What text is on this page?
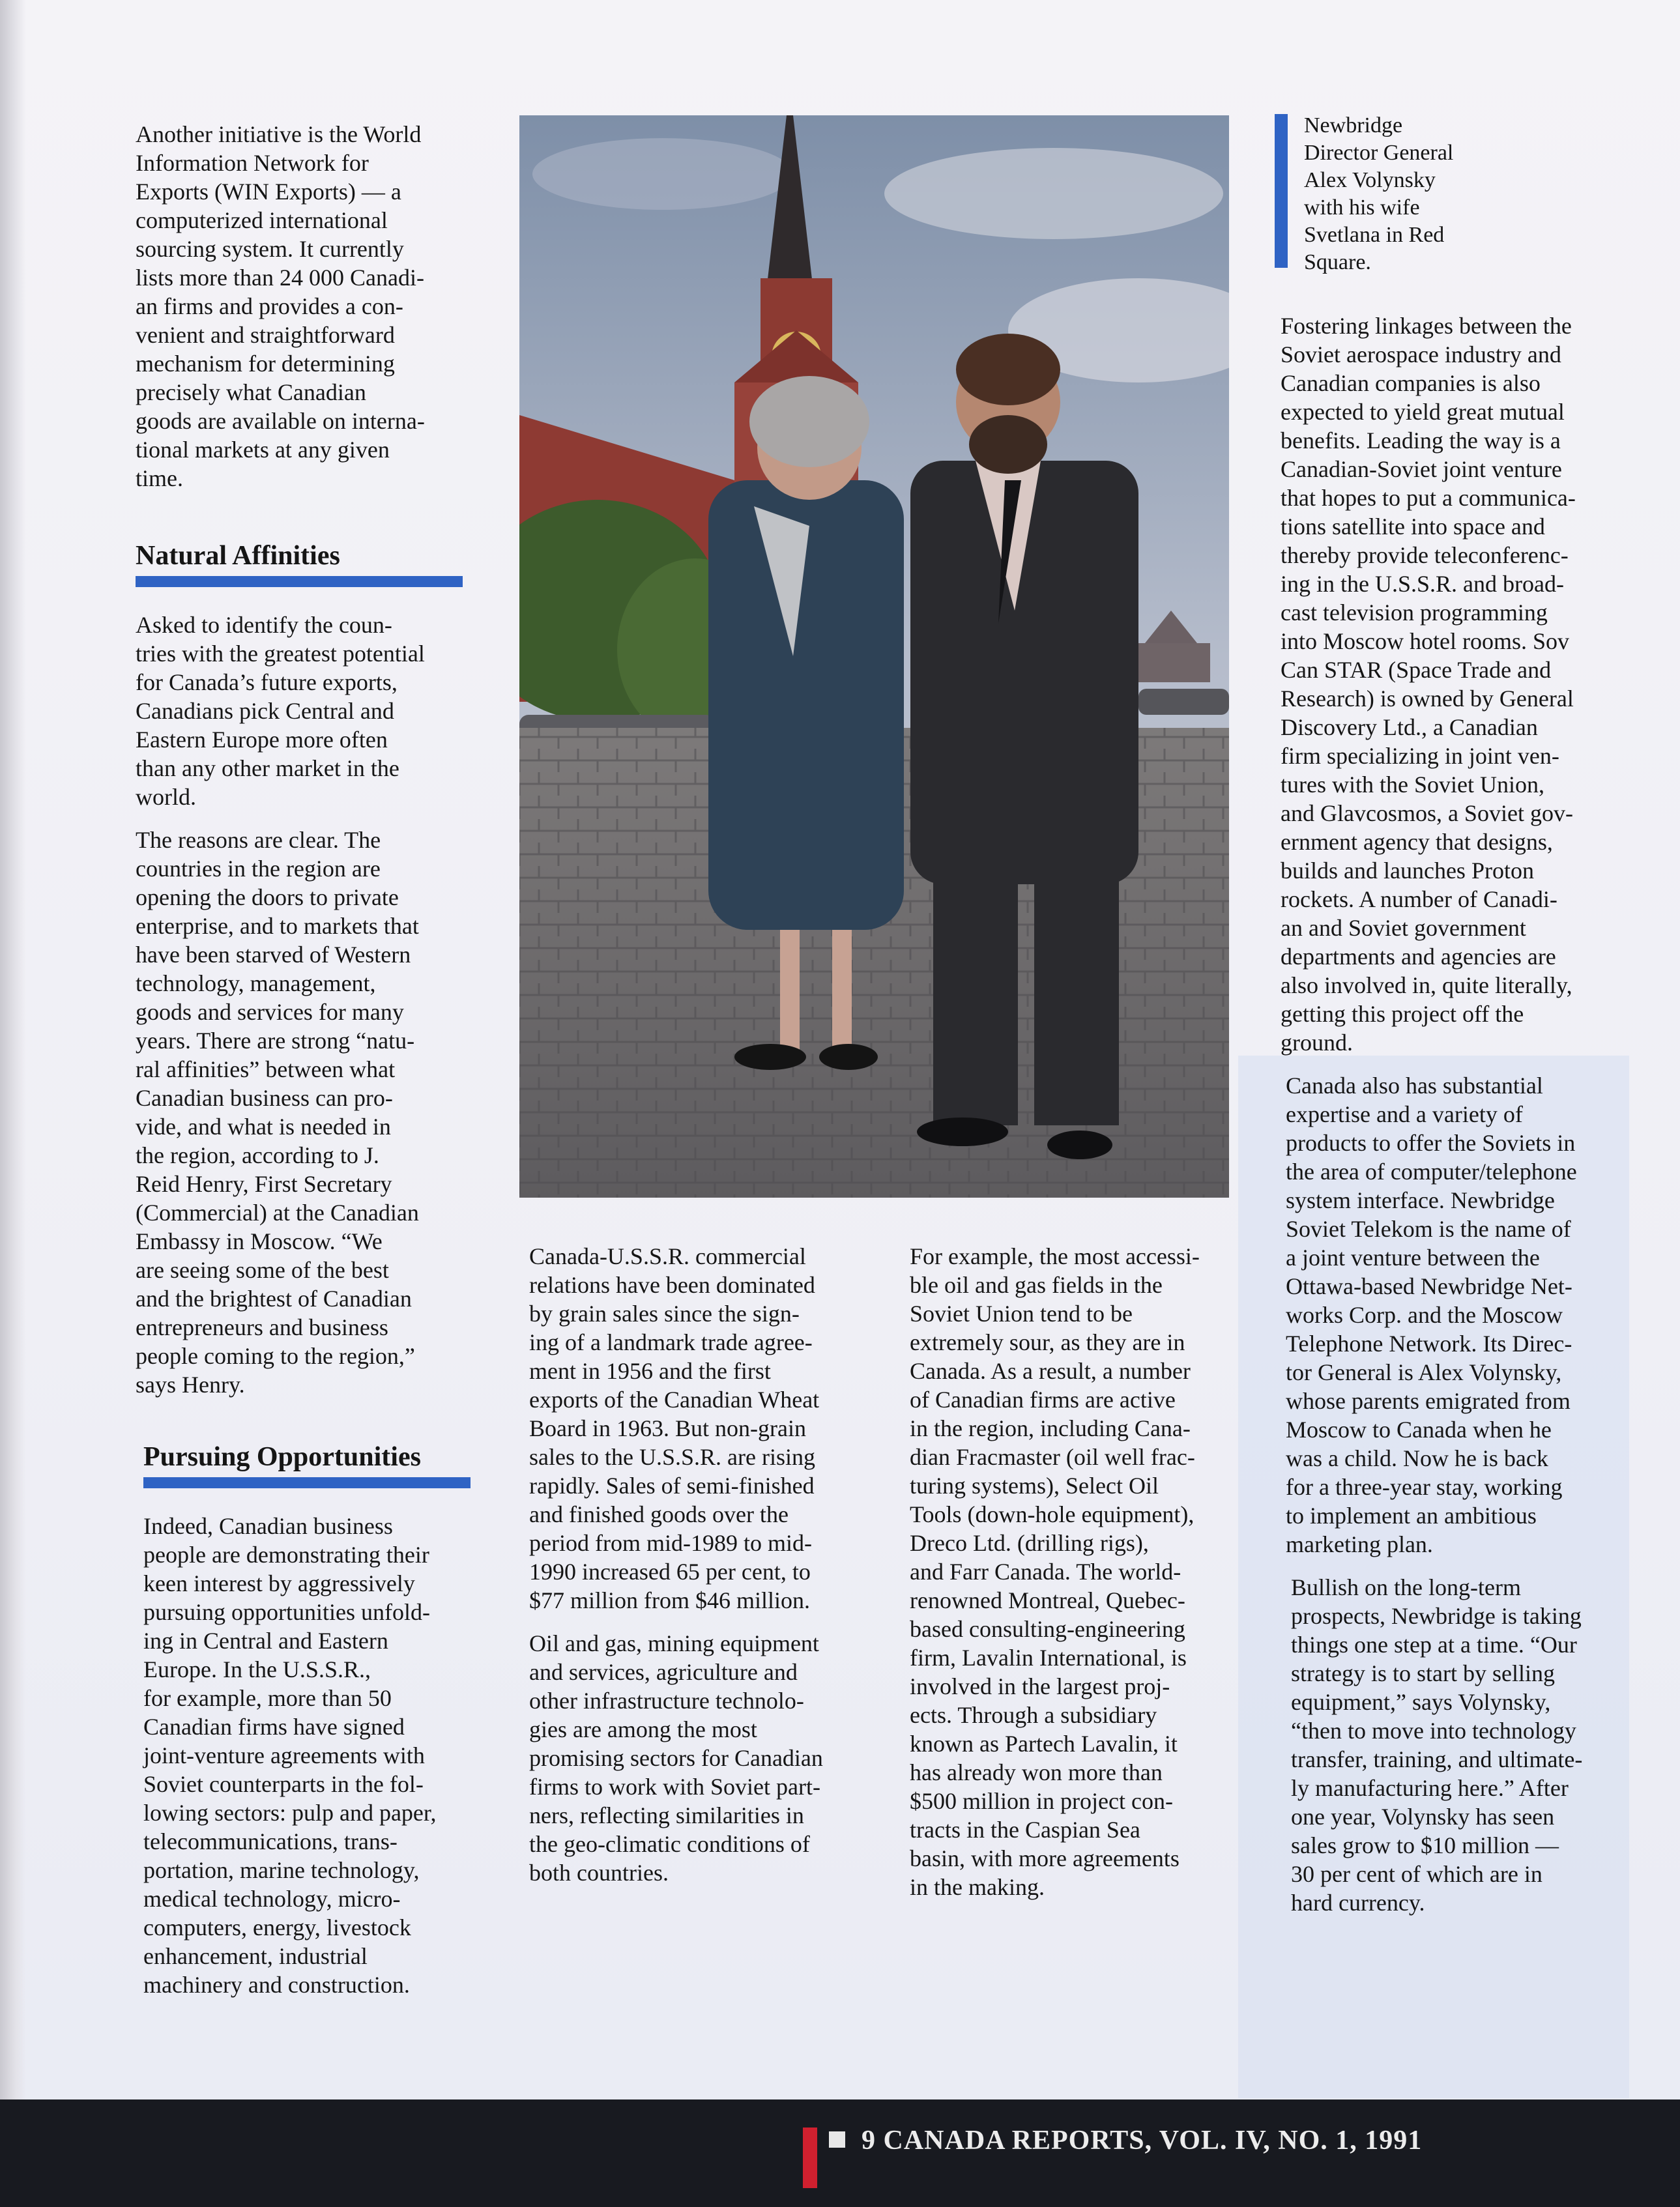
Another initiative is the World
Information Network for
Exports (WIN Exports) — a
computerized international
sourcing system. It currently
lists more than 24 000 Canadi-
an firms and provides a con-
venient and straightforward
mechanism for determining
precisely what Canadian
goods are available on interna-
tional markets at any given
time.

Natural Affinities

Asked to identify the coun-
tries with the greatest potential
for Canada’s future exports,
Canadians pick Central and
Eastern Europe more often
than any other market in the
world.

The reasons are clear. The
countries in the region are
opening the doors to private
enterprise, and to markets that
have been starved of Western
technology, management,
goods and services for many
years. There are strong “natu-
ral affinities” between what
Canadian business can pro-
vide, and what is needed in
the region, according to J.
Reid Henry, First Secretary
(Commercial) at the Canadian
Embassy in Moscow. “We
are seeing some of the best
and the brightest of Canadian
entrepreneurs and business
people coming to the region,”
says Henry.

Pursuing Opportunities

Indeed, Canadian business
people are demonstrating their
keen interest by aggressively
pursuing opportunities unfold-
ing in Central and Eastern
Europe. In the U.S.S.R.,
for example, more than 50
Canadian firms have signed
joint-venture agreements with
Soviet counterparts in the fol-
lowing sectors: pulp and paper,
telecommunications, trans-
portation, marine technology,
medical technology, micro-
computers, energy, livestock
enhancement, industrial
machinery and construction.

Newbridge
Director General
Alex Volynsky
with his wife
Svetlana in Red
Square.

Canada-U.S.S.R. commercial
relations have been dominated
by grain sales since the sign-
ing of a landmark trade agree-
ment in 1956 and the first
exports of the Canadian Wheat
Board in 1963. But non-grain
sales to the U.S.S.R. are rising
rapidly. Sales of semi-finished
and finished goods over the
period from mid-1989 to mid-
1990 increased 65 per cent, to
$77 million from $46 million.

Oil and gas, mining equipment
and services, agriculture and
other infrastructure technolo-
gies are among the most
promising sectors for Canadian
firms to work with Soviet part-
ners, reflecting similarities in
the geo-climatic conditions of
both countries.

For example, the most accessi-
ble oil and gas fields in the
Soviet Union tend to be
extremely sour, as they are in
Canada. As a result, a number
of Canadian firms are active
in the region, including Cana-
dian Fracmaster (oil well frac-
turing systems), Select Oil
Tools (down-hole equipment),
Dreco Ltd. (drilling rigs),
and Farr Canada. The world-
renowned Montreal, Quebec-
based consulting-engineering
firm, Lavalin International, is
involved in the largest proj-
ects. Through a subsidiary
known as Partech Lavalin, it
has already won more than
$500 million in project con-
tracts in the Caspian Sea
basin, with more agreements
in the making.

Fostering linkages between the
Soviet aerospace industry and
Canadian companies is also
expected to yield great mutual
benefits. Leading the way is a
Canadian-Soviet joint venture
that hopes to put a communica-
tions satellite into space and
thereby provide teleconferenc-
ing in the U.S.S.R. and broad-
cast television programming
into Moscow hotel rooms. Sov
Can STAR (Space Trade and
Research) is owned by General
Discovery Ltd., a Canadian
firm specializing in joint ven-
tures with the Soviet Union,
and Glavcosmos, a Soviet gov-
ernment agency that designs,
builds and launches Proton
rockets. A number of Canadi-
an and Soviet government
departments and agencies are
also involved in, quite literally,
getting this project off the
ground.

Canada also has substantial
expertise and a variety of
products to offer the Soviets in
the area of computer/telephone
system interface. Newbridge
Soviet Telekom is the name of
a joint venture between the
Ottawa-based Newbridge Net-
works Corp. and the Moscow
Telephone Network. Its Direc-
tor General is Alex Volynsky,
whose parents emigrated from
Moscow to Canada when he
was a child. Now he is back
for a three-year stay, working
to implement an ambitious
marketing plan.

Bullish on the long-term
prospects, Newbridge is taking
things one step at a time. “Our
strategy is to start by selling
equipment,” says Volynsky,
“then to move into technology
transfer, training, and ultimate-
ly manufacturing here.” After
one year, Volynsky has seen
sales grow to $10 million —
30 per cent of which are in
hard currency.

9 CANADA REPORTS, VOL. IV, NO. 1, 1991
